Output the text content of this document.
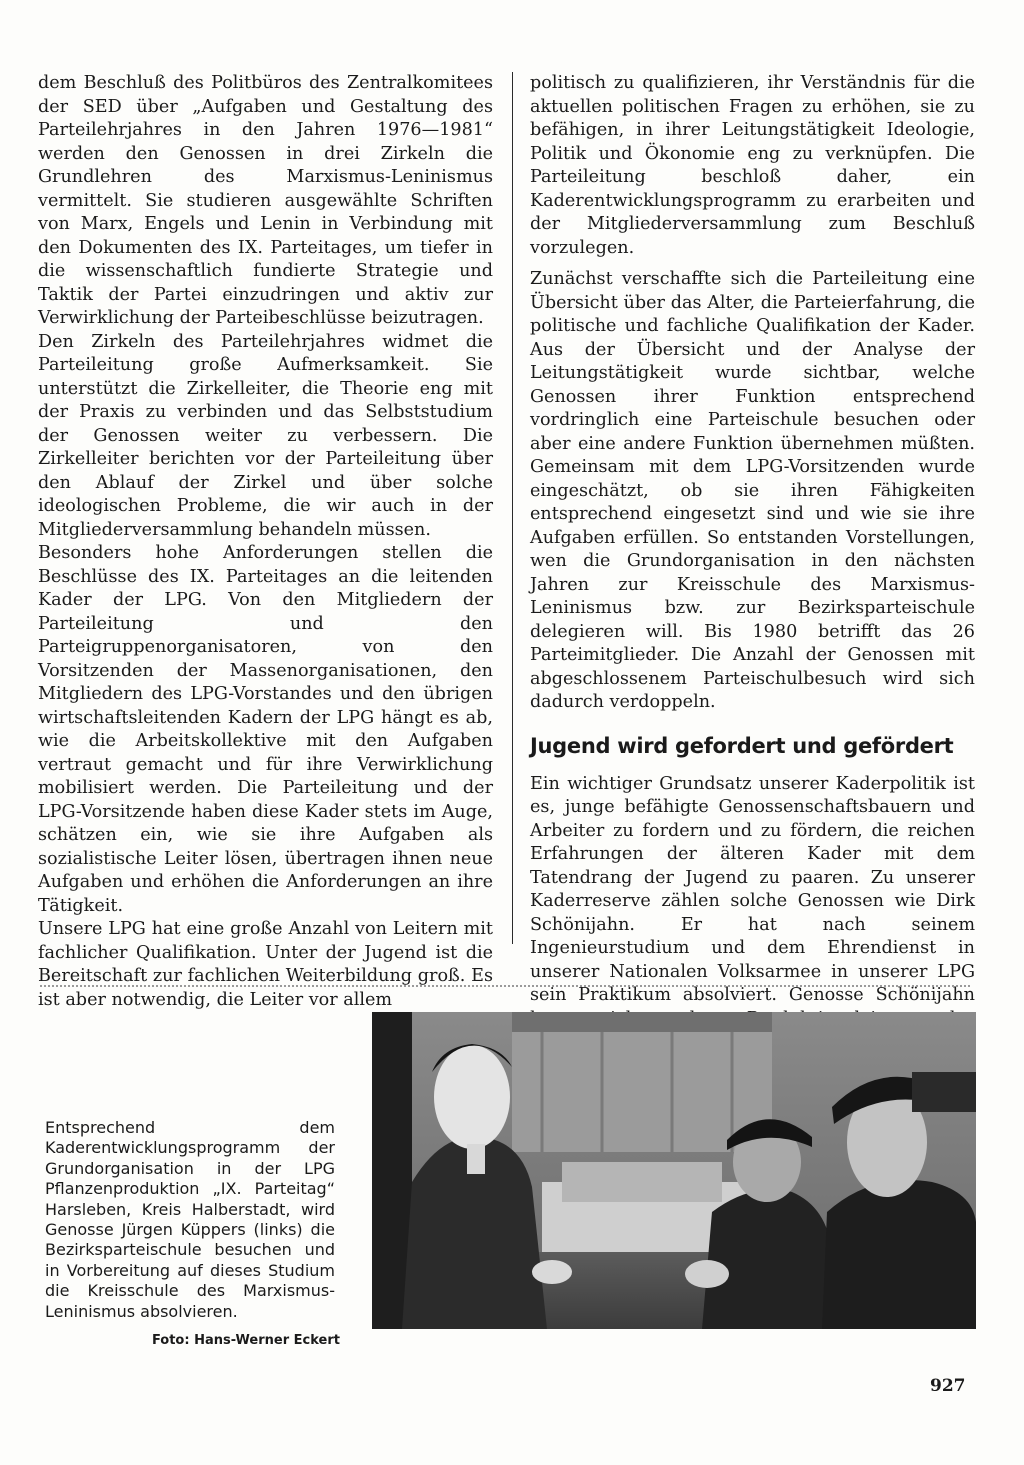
dem Beschluß des Politbüros des Zentralkomitees der SED über „Aufgaben und Gestaltung des Parteilehrjahres in den Jahren 1976—1981“ werden den Genossen in drei Zirkeln die Grundlehren des Marxismus-Leninismus vermittelt. Sie studieren ausgewählte Schriften von Marx, Engels und Lenin in Verbindung mit den Dokumenten des IX. Parteitages, um tiefer in die wissenschaftlich fundierte Strategie und Taktik der Partei einzudringen und aktiv zur Verwirklichung der Parteibeschlüsse beizutragen.

Den Zirkeln des Parteilehrjahres widmet die Parteileitung große Aufmerksamkeit. Sie unterstützt die Zirkelleiter, die Theorie eng mit der Praxis zu verbinden und das Selbststudium der Genossen weiter zu verbessern. Die Zirkelleiter berichten vor der Parteileitung über den Ablauf der Zirkel und über solche ideologischen Probleme, die wir auch in der Mitgliederversammlung behandeln müssen.

Besonders hohe Anforderungen stellen die Beschlüsse des IX. Parteitages an die leitenden Kader der LPG. Von den Mitgliedern der Parteileitung und den Parteigruppenorganisatoren, von den Vorsitzenden der Massenorganisationen, den Mitgliedern des LPG-Vorstandes und den übrigen wirtschaftsleitenden Kadern der LPG hängt es ab, wie die Arbeitskollektive mit den Aufgaben vertraut gemacht und für ihre Verwirklichung mobilisiert werden. Die Parteileitung und der LPG-Vorsitzende haben diese Kader stets im Auge, schätzen ein, wie sie ihre Aufgaben als sozialistische Leiter lösen, übertragen ihnen neue Aufgaben und erhöhen die Anforderungen an ihre Tätigkeit.

Unsere LPG hat eine große Anzahl von Leitern mit fachlicher Qualifikation. Unter der Jugend ist die Bereitschaft zur fachlichen Weiterbildung groß. Es ist aber notwendig, die Leiter vor allem

politisch zu qualifizieren, ihr Verständnis für die aktuellen politischen Fragen zu erhöhen, sie zu befähigen, in ihrer Leitungstätigkeit Ideologie, Politik und Ökonomie eng zu verknüpfen. Die Parteileitung beschloß daher, ein Kaderentwicklungsprogramm zu erarbeiten und der Mitgliederversammlung zum Beschluß vorzulegen.

Zunächst verschaffte sich die Parteileitung eine Übersicht über das Alter, die Parteierfahrung, die politische und fachliche Qualifikation der Kader. Aus der Übersicht und der Analyse der Leitungstätigkeit wurde sichtbar, welche Genossen ihrer Funktion entsprechend vordringlich eine Parteischule besuchen oder aber eine andere Funktion übernehmen müßten. Gemeinsam mit dem LPG-Vorsitzenden wurde eingeschätzt, ob sie ihren Fähigkeiten entsprechend eingesetzt sind und wie sie ihre Aufgaben erfüllen. So entstanden Vorstellungen, wen die Grundorganisation in den nächsten Jahren zur Kreisschule des Marxismus-Leninismus bzw. zur Bezirksparteischule delegieren will. Bis 1980 betrifft das 26 Parteimitglieder. Die Anzahl der Genossen mit abgeschlossenem Parteischulbesuch wird sich dadurch verdoppeln.

Jugend wird gefordert und gefördert

Ein wichtiger Grundsatz unserer Kaderpolitik ist es, junge befähigte Genossenschaftsbauern und Arbeiter zu fordern und zu fördern, die reichen Erfahrungen der älteren Kader mit dem Tatendrang der Jugend zu paaren. Zu unserer Kaderreserve zählen solche Genossen wie Dirk Schönijahn. Er hat nach seinem Ingenieurstudium und dem Ehrendienst in unserer Nationalen Volksarmee in unserer LPG sein Praktikum absolviert. Genosse Schönijahn

Entsprechend dem Kaderentwicklungsprogramm der Grundorganisation in der LPG Pflanzenproduktion „IX. Parteitag“ Harsleben, Kreis Halberstadt, wird Genosse Jürgen Küppers (links) die Bezirksparteischule besuchen und in Vorbereitung auf dieses Studium die Kreisschule des Marxismus-Leninismus absolvieren.

Foto: Hans-Werner Eckert
927
